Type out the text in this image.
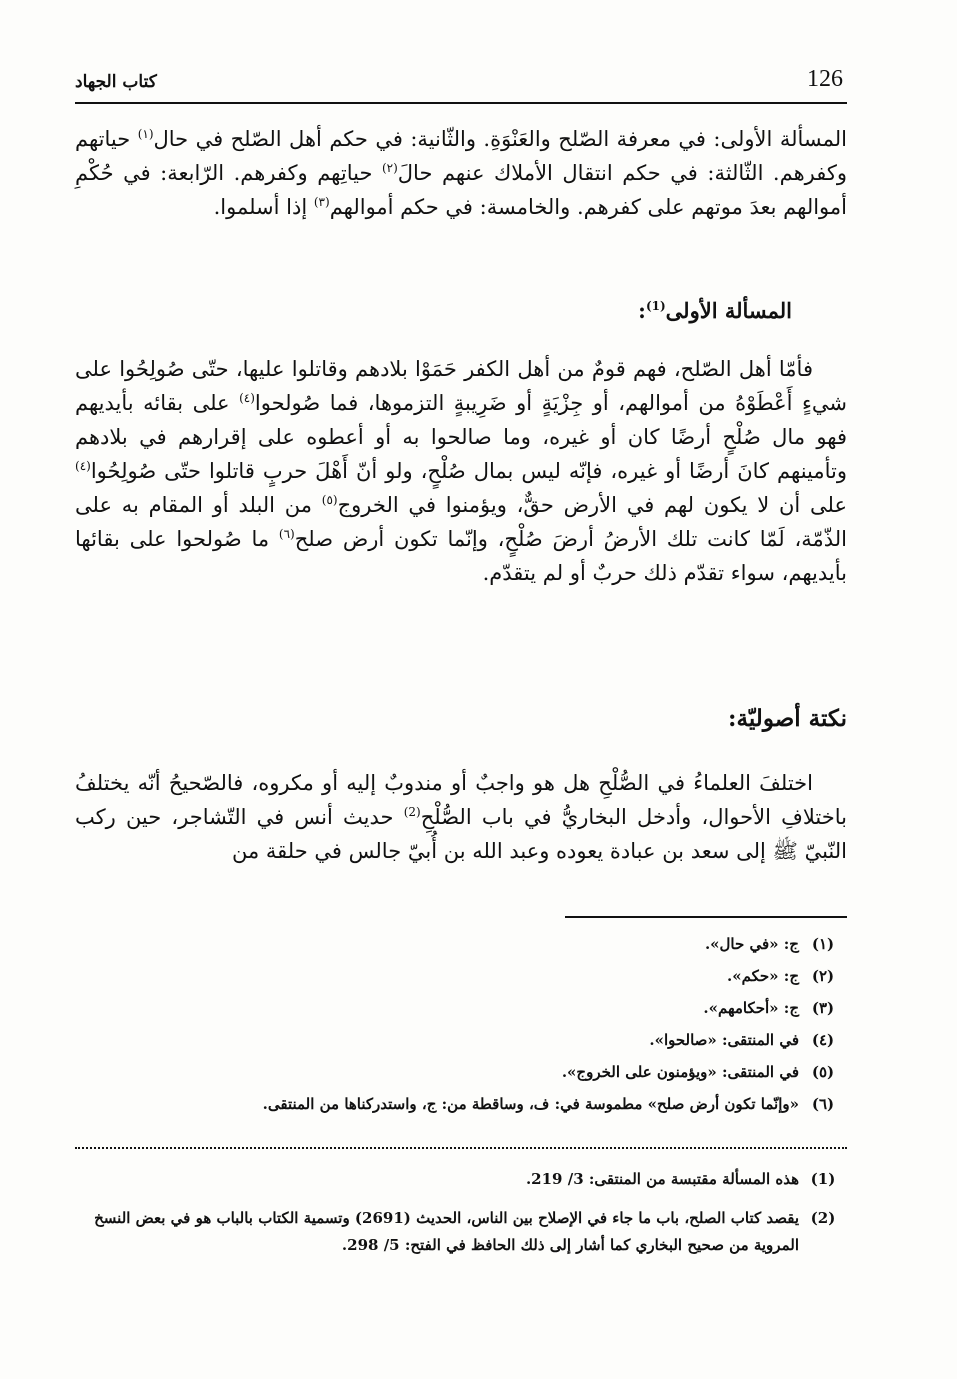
126
كتاب الجهاد
المسألة الأولى: في معرفة الصّلح والعَنْوَةِ. والثّانية: في حكم أهل الصّلح في حال$^{(١)}$ حياتهم وكفرهم. الثّالثة: في حكم انتقال الأملاك عنهم حالَ$^{(٢)}$ حياتِهم وكفرهم. الرّابعة: في حُكْمِ أموالهم بعدَ موتهم على كفرهم. والخامسة: في حكم أموالهم$^{(٣)}$ إذا أسلموا.
المسألة الأولى$^{(1)}$:
فأمّا أهل الصّلح، فهم قومٌ من أهل الكفر حَمَوْا بلادهم وقاتلوا عليها، حتّى صُولِحُوا على شيءٍ أَعْطَوْهُ من أموالهم، أو جِزْيَةٍ أو ضَرِيبةٍ التزموها، فما صُولحوا$^{(٤)}$ على بقائه بأيديهم فهو مال صُلْحٍ أرضًا كان أو غيره، وما صالحوا به أو أعطوه على إقرارهم في بلادهم وتأمينهم كانَ أرضًا أو غيره، فإنّه ليس بمال صُلْحٍ، ولو أنّ أَهْلَ حربٍ قاتلوا حتّى صُولِحُوا$^{(٤)}$ على أن لا يكون لهم في الأرض حقٌّ، ويؤمنوا في الخروج$^{(٥)}$ من البلد أو المقام به على الذّمّة، لَمّا كانت تلك الأرضُ أرضَ صُلْحٍ، وإنّما تكون أرض صلح$^{(٦)}$ ما صُولحوا على بقائها بأيديهم، سواء تقدّم ذلك حربٌ أو لم يتقدّم.
نكتة أصوليّة:
اختلفَ العلماءُ في الصُّلْحِ هل هو واجبٌ أو مندوبٌ إليه أو مكروه، فالصّحيحُ أنّه يختلفُ باختلافِ الأحوال، وأدخل البخاريُّ في باب الصُّلْحِ$^{(2)}$ حديث أنس في التّشاجر، حين ركب النّبيّ ﷺ إلى سعد بن عبادة يعوده وعبد الله بن أُبيّ جالس في حلقة من
(١)
ج: «في حال».
(٢)
ج: «حكم».
(٣)
ج: «أحكامهم».
(٤)
في المنتقى: «صالحوا».
(٥)
في المنتقى: «ويؤمنون على الخروج».
(٦)
«وإنّما تكون أرض صلح» مطموسة في: ف، وساقطة من: ج، واستدركناها من المنتقى.
(1)
هذه المسألة مقتبسة من المنتقى: 3/ 219.
(2)
يقصد كتاب الصلح، باب ما جاء في الإصلاح بين الناس، الحديث (2691) وتسمية الكتاب بالباب هو في بعض النسخ المروية من صحيح البخاري كما أشار إلى ذلك الحافظ في الفتح: 5/ 298.
